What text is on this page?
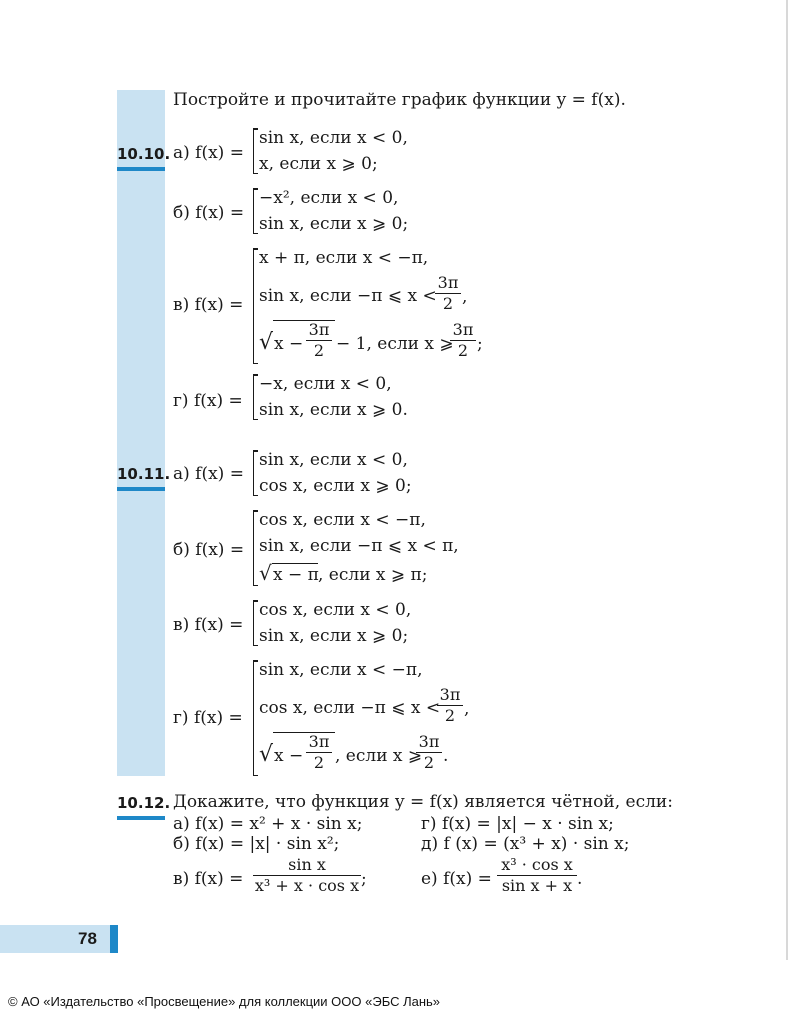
Постройте и прочитайте график функции y = f(x).
10.10. а) f(x) =
sin x, если x < 0,
x, если x ⩾ 0;
б) f(x) =
−x², если x < 0,
sin x, если x ⩾ 0;
в) f(x) =
x + π, если x < −π,
sin x, если −π ⩽ x <
3π
2 ,
√ x −
3π
2 − 1, если x ⩾
3π
2 ;
г) f(x) =
−x, если x < 0,
sin x, если x ⩾ 0.
10.11. а) f(x) =
sin x, если x < 0,
cos x, если x ⩾ 0;
б) f(x) =
cos x, если x < −π,
sin x, если −π ⩽ x < π,
√ x − π , если x ⩾ π;
в) f(x) =
cos x, если x < 0,
sin x, если x ⩾ 0;
г) f(x) =
sin x, если x < −π,
cos x, если −π ⩽ x <
3π
2 ,
√ x −
3π
2 , если x ⩾
3π
2 .
10.12. Докажите, что функция y = f(x) является чётной, если:
а) f(x) = x² + x · sin x;
б) f(x) = |x| · sin x²;
в) f(x) =
sin x
x³ + x · cos x ;
г) f(x) = |x| − x · sin x;
д) f (x) = (x³ + x) · sin x;
е) f(x) =
x³ · cos x
sin x + x .
78
© АО «Издательство «Просвещение» для коллекции ООО «ЭБС Лань»
